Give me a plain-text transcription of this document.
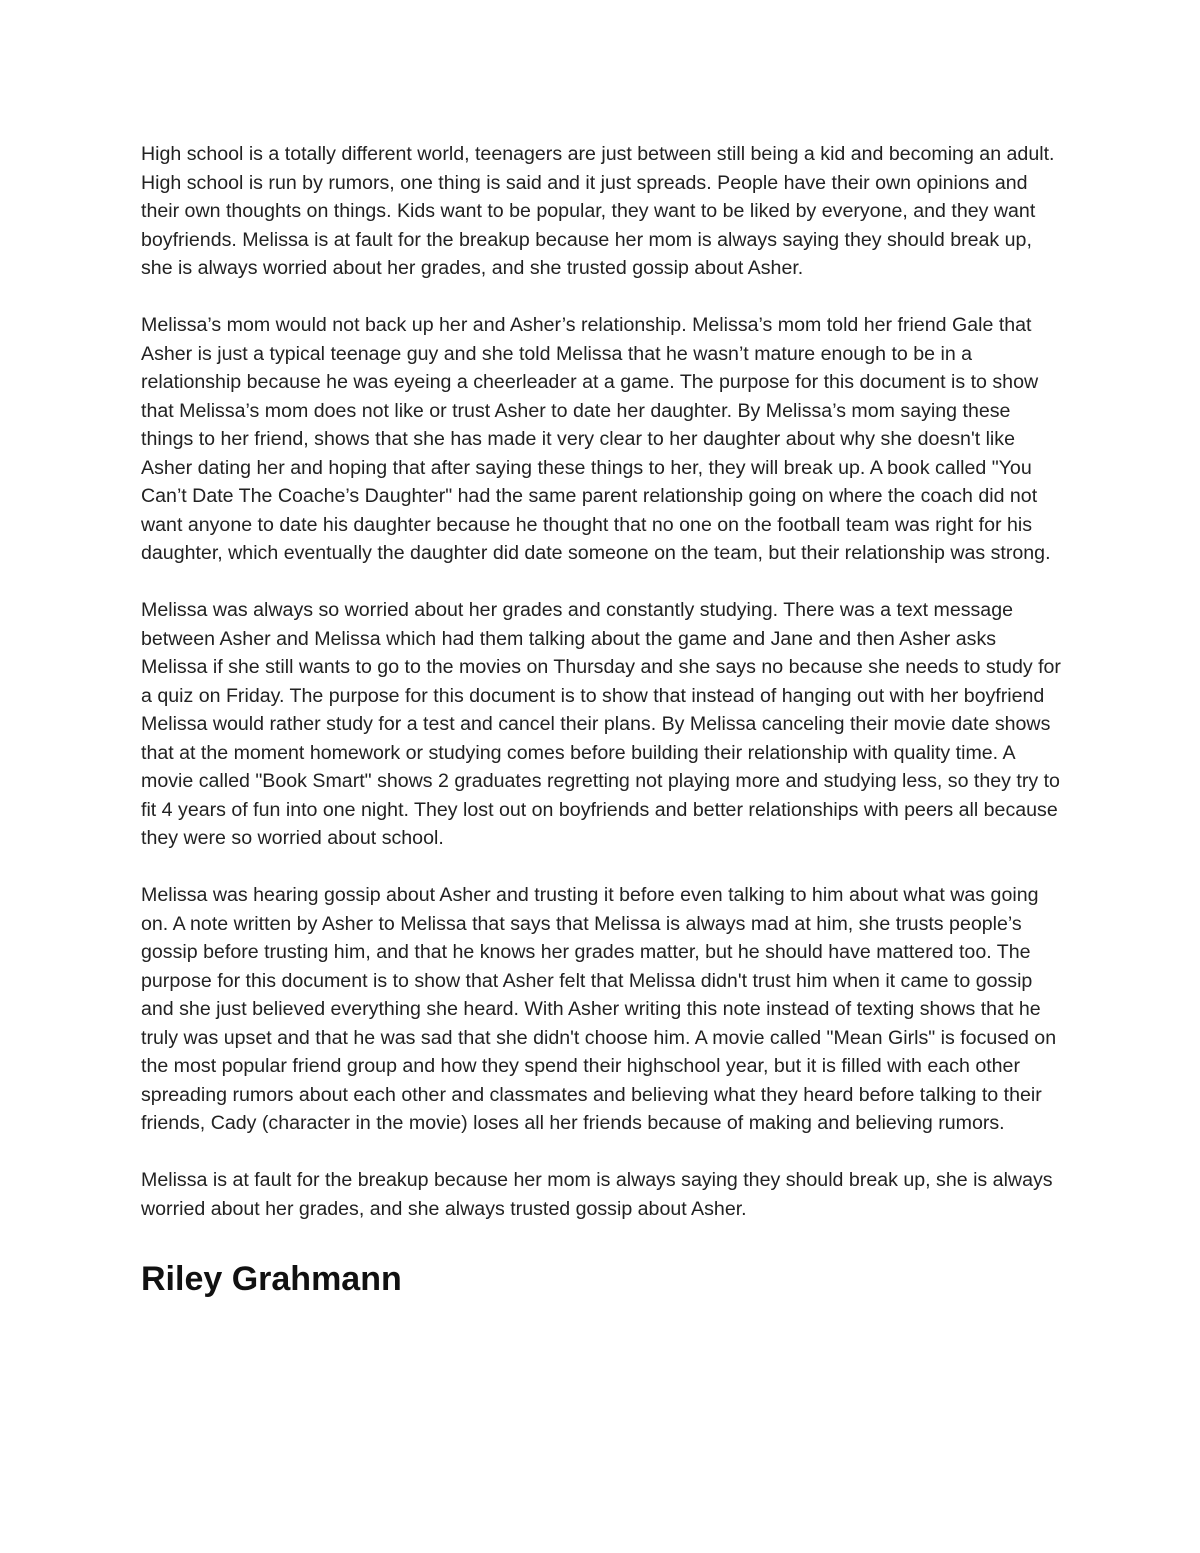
High school is a totally different world, teenagers are just between still being a kid and becoming an adult. High school is run by rumors, one thing is said and it just spreads. People have their own opinions and their own thoughts on things. Kids want to be popular, they want to be liked by everyone, and they want boyfriends. Melissa is at fault for the breakup because her mom is always saying they should break up, she is always worried about her grades, and she trusted gossip about Asher.

Melissa’s mom would not back up her and Asher’s relationship. Melissa’s mom told her friend Gale that Asher is just a typical teenage guy and she told Melissa that he wasn’t mature enough to be in a relationship because he was eyeing a cheerleader at a game. The purpose for this document is to show that Melissa’s mom does not like or trust Asher to date her daughter. By Melissa’s mom saying these things to her friend, shows that she has made it very clear to her daughter about why she doesn't like Asher dating her and hoping that after saying these things to her, they will break up. A book called "You Can’t Date The Coache’s Daughter" had the same parent relationship going on where the coach did not want anyone to date his daughter because he thought that no one on the football team was right for his daughter, which eventually the daughter did date someone on the team, but their relationship was strong.

Melissa was always so worried about her grades and constantly studying. There was a text message between Asher and Melissa which had them talking about the game and Jane and then Asher asks Melissa if she still wants to go to the movies on Thursday and she says no because she needs to study for a quiz on Friday. The purpose for this document is to show that instead of hanging out with her boyfriend Melissa would rather study for a test and cancel their plans. By Melissa canceling their movie date shows that at the moment homework or studying comes before building their relationship with quality time. A movie called "Book Smart" shows 2 graduates regretting not playing more and studying less, so they try to fit 4 years of fun into one night. They lost out on boyfriends and better relationships with peers all because they were so worried about school.

Melissa was hearing gossip about Asher and trusting it before even talking to him about what was going on. A note written by Asher to Melissa that says that Melissa is always mad at him, she trusts people’s gossip before trusting him, and that he knows her grades matter, but he should have mattered too. The purpose for this document is to show that Asher felt that Melissa didn't trust him when it came to gossip and she just believed everything she heard. With Asher writing this note instead of texting shows that he truly was upset and that he was sad that she didn't choose him. A movie called "Mean Girls" is focused on the most popular friend group and how they spend their highschool year, but it is filled with each other spreading rumors about each other and classmates and believing what they heard before talking to their friends, Cady (character in the movie) loses all her friends because of making and believing rumors.

Melissa is at fault for the breakup because her mom is always saying they should break up, she is always worried about her grades, and she always trusted gossip about Asher.

Riley Grahmann
